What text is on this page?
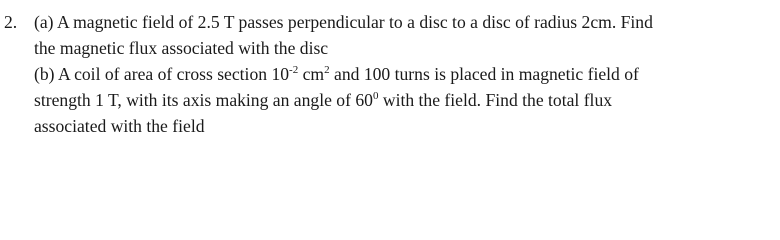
2. (a) A magnetic field of 2.5 T passes perpendicular to a disc to a disc of radius 2cm. Find
the magnetic flux associated with the disc
(b) A coil of area of cross section $10^{-2}$ $cm^2$ and 100 turns is placed in magnetic field of
strength 1 T, with its axis making an angle of $60^0$ with the field. Find the total flux
associated with the field
